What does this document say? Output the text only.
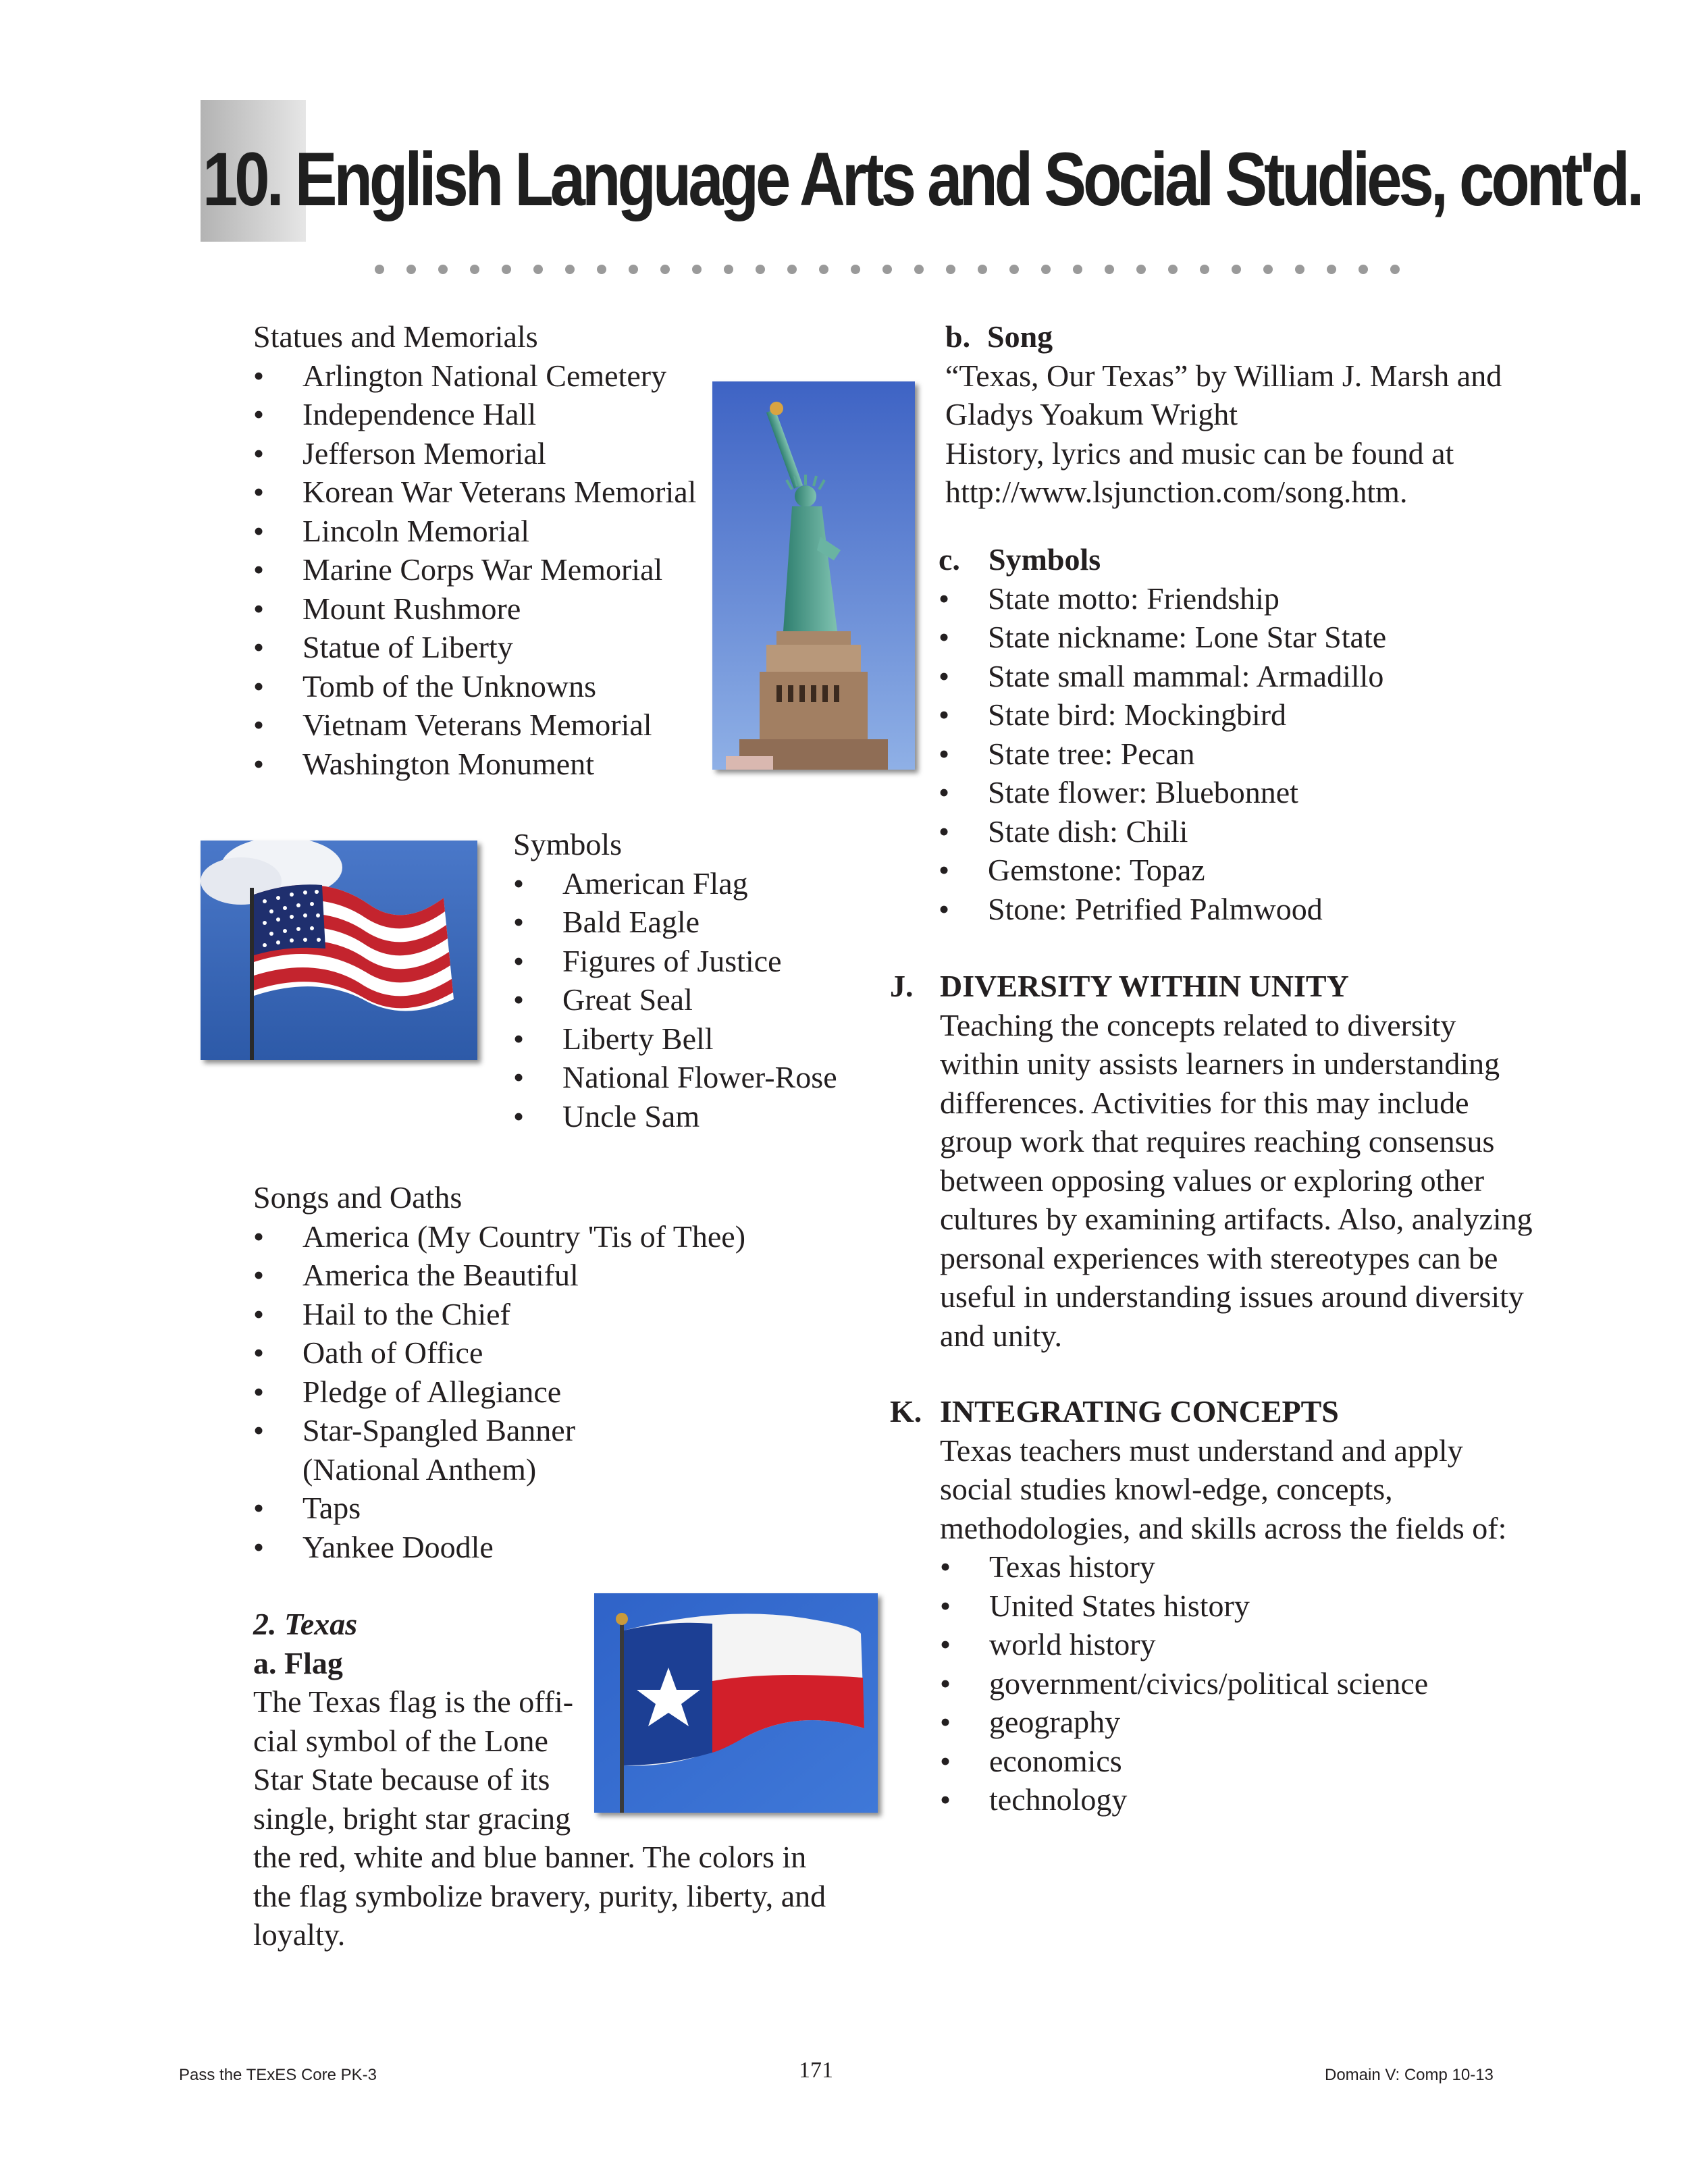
10. English Language Arts and Social Studies, cont'd.
Statues and Memorials
• Arlington National Cemetery
• Independence Hall
• Jefferson Memorial
• Korean War Veterans Memorial
• Lincoln Memorial
• Marine Corps War Memorial
• Mount Rushmore
• Statue of Liberty
• Tomb of the Unknowns
• Vietnam Veterans Memorial
• Washington Monument
Symbols
• American Flag
• Bald Eagle
• Figures of Justice
• Great Seal
• Liberty Bell
• National Flower-Rose
• Uncle Sam
Songs and Oaths
• America (My Country 'Tis of Thee)
• America the Beautiful
• Hail to the Chief
• Oath of Office
• Pledge of Allegiance
• Star-Spangled Banner
(National Anthem)
• Taps
• Yankee Doodle
2. Texas
a. Flag
The Texas flag is the offi-
cial symbol of the Lone
Star State because of its
single, bright star gracing
the red, white and blue banner. The colors in
the flag symbolize bravery, purity, liberty, and
loyalty.
b. Song
“Texas, Our Texas” by William J. Marsh and
Gladys Yoakum Wright
History, lyrics and music can be found at
http://www.lsjunction.com/song.htm.
c. Symbols
• State motto: Friendship
• State nickname: Lone Star State
• State small mammal: Armadillo
• State bird: Mockingbird
• State tree: Pecan
• State flower: Bluebonnet
• State dish: Chili
• Gemstone: Topaz
• Stone: Petrified Palmwood
J. DIVERSITY WITHIN UNITY
Teaching the concepts related to diversity
within unity assists learners in understanding
differences. Activities for this may include
group work that requires reaching consensus
between opposing values or exploring other
cultures by examining artifacts. Also, analyzing
personal experiences with stereotypes can be
useful in understanding issues around diversity
and unity.
K. INTEGRATING CONCEPTS
Texas teachers must understand and apply
social studies knowl-edge, concepts,
methodologies, and skills across the fields of:
• Texas history
• United States history
• world history
• government/civics/political science
• geography
• economics
• technology
Pass the TExES Core PK-3	171	Domain V: Comp 10-13
